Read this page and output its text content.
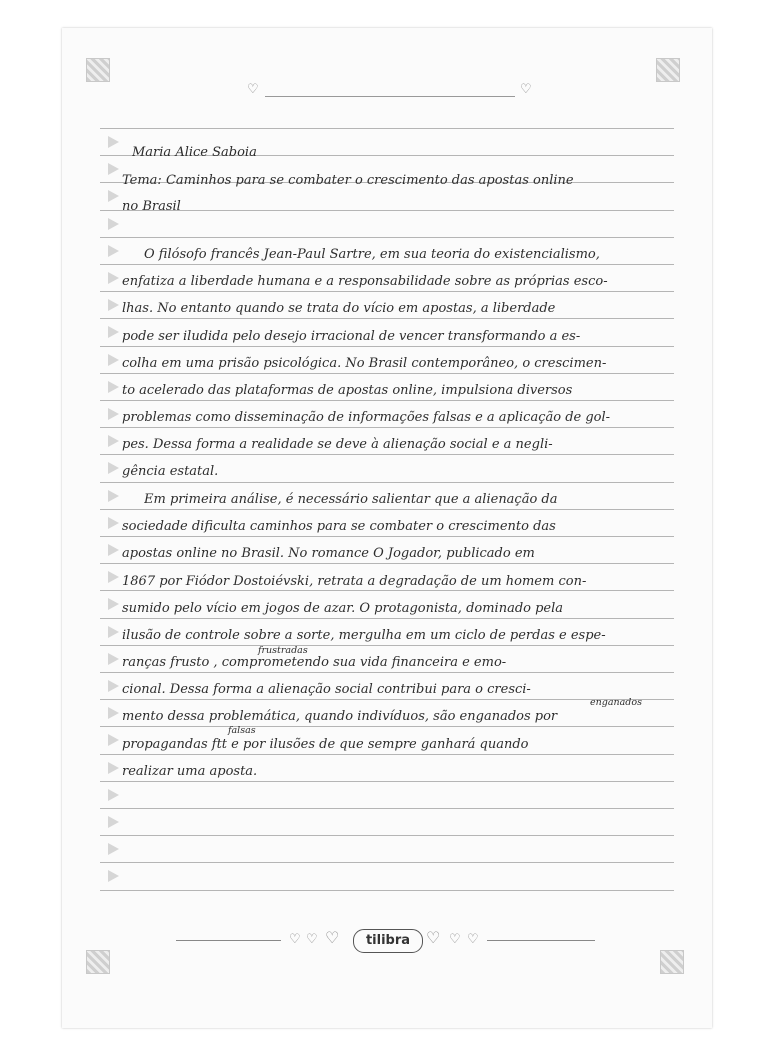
♡	♡
Maria Alice Saboia
Tema: Caminhos para se combater o crescimento das apostas online
no Brasil
O filósofo francês Jean-Paul Sartre, em sua teoria do existencialismo,
enfatiza a liberdade humana e a responsabilidade sobre as próprias esco-
lhas. No entanto quando se trata do vício em apostas, a liberdade
pode ser iludida pelo desejo irracional de vencer transformando a es-
colha em uma prisão psicológica. No Brasil contemporâneo, o crescimen-
to acelerado das plataformas de apostas online, impulsiona diversos
problemas como disseminação de informações falsas e a aplicação de gol-
pes. Dessa forma a realidade se deve à alienação social e a negli-
gência estatal.
Em primeira análise, é necessário salientar que a alienação da
sociedade dificulta caminhos para se combater o crescimento das
apostas online no Brasil. No romance O Jogador, publicado em
1867 por Fiódor Dostoiévski, retrata a degradação de um homem con-
sumido pelo vício em jogos de azar. O protagonista, dominado pela
ilusão de controle sobre a sorte, mergulha em um ciclo de perdas e espe-
ranças frusto , comprometendo sua vida financeira e emo-
cional. Dessa forma a alienação social contribui para o cresci-
mento dessa problemática, quando indivíduos, são enganados por
propagandas ftt e por ilusões de que sempre ganhará quando
realizar uma aposta.
frustradas
enganados
falsas
♡ ♡ ♡	tilibra ♡ ♡ ♡
